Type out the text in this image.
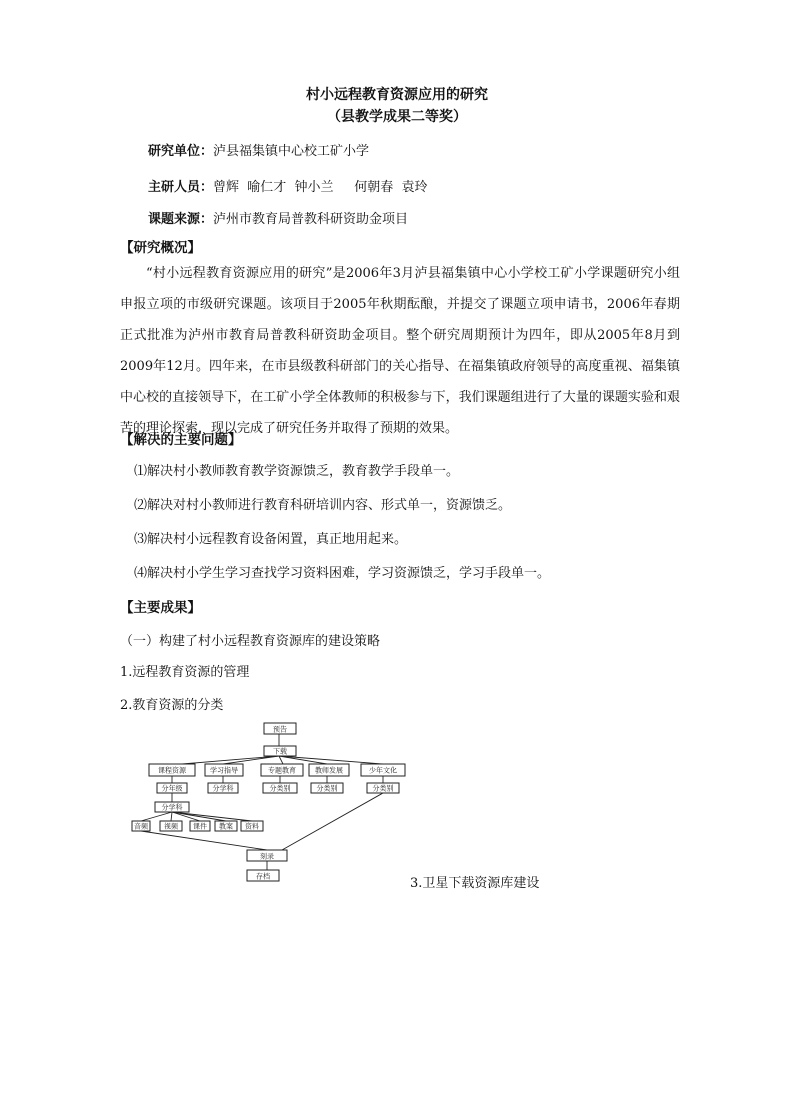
村小远程教育资源应用的研究
（县教学成果二等奖）
研究单位：泸县福集镇中心校工矿小学
主研人员：曾辉  喻仁才  钟小兰     何朝春  袁玲
课题来源：泸州市教育局普教科研资助金项目
【研究概况】
“村小远程教育资源应用的研究”是2006年3月泸县福集镇中心小学校工矿小学课题研究小组申报立项的市级研究课题。该项目于2005年秋期酝酿，并提交了课题立项申请书，2006年春期正式批准为泸州市教育局普教科研资助金项目。整个研究周期预计为四年，即从2005年8月到2009年12月。四年来，在市县级教科研部门的关心指导、在福集镇政府领导的高度重视、福集镇中心校的直接领导下，在工矿小学全体教师的积极参与下，我们课题组进行了大量的课题实验和艰苦的理论探索，现以完成了研究任务并取得了预期的效果。
【解决的主要问题】
⑴解决村小教师教育教学资源馈乏，教育教学手段单一。
⑵解决对村小教师进行教育科研培训内容、形式单一，资源馈乏。
⑶解决村小远程教育设备闲置，真正地用起来。
⑷解决村小学生学习查找学习资料困难，学习资源馈乏，学习手段单一。
【主要成果】
（一）构建了村小远程教育资源库的建设策略
1.远程教育资源的管理
2.教育资源的分类
预告
下载
课程资源	学习指导	专题教育	教师发展	少年文化
分年级	分学科	分类别	分类别	分类别
分学科
音频 视频 课件 教案 资料
刻录
存档	3.卫星下载资源库建设
